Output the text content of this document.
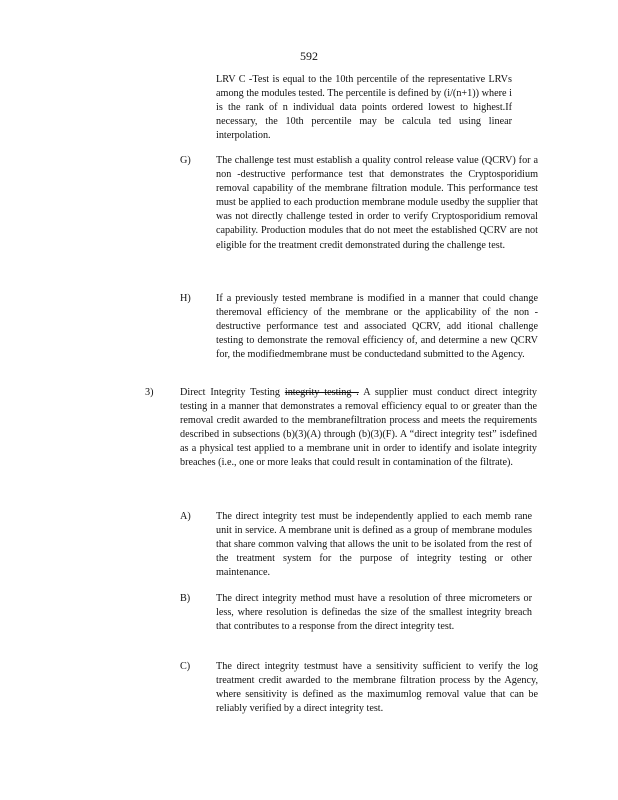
592

LRV C -Test is equal to the 10th percentile of the representative LRVs among the modules tested. The percentile is defined by (i/(n+1)) where i is the rank of n individual data points ordered lowest to highest.If necessary, the 10th percentile may be calcula ted using linear interpolation.

G) The challenge test must establish a quality control release value (QCRV) for a non -destructive performance test that demonstrates the Cryptosporidium removal capability of the membrane filtration module. This performance test must be applied to each production membrane module usedby the supplier that was not directly challenge tested in order to verify Cryptosporidium removal capability. Production modules that do not meet the established QCRV are not eligible for the treatment credit demonstrated during the challenge test.
H) If a previously tested membrane is modified in a manner that could change theremoval efficiency of the membrane or the applicability of the non -destructive performance test and associated QCRV, add itional challenge testing to demonstrate the removal efficiency of, and determine a new QCRV for, the modifiedmembrane must be conductedand submitted to the Agency.
3)	Direct Integrity Testing integrity testing . A supplier must conduct direct integrity testing in a manner that demonstrates a removal efficiency equal to or greater than the removal credit awarded to the membranefiltration process and meets the requirements described in subsections (b)(3)(A) through (b)(3)(F). A “direct integrity test” isdefined as a physical test applied to a membrane unit in order to identify and isolate integrity breaches (i.e., one or more leaks that could result in contamination of the filtrate).
A) The direct integrity test must be independently applied to each memb rane unit in service. A membrane unit is defined as a group of membrane modules that share common valving that allows the unit to be isolated from the rest of the treatment system for the purpose of integrity testing or other maintenance.
B)	The direct integrity method must have a resolution of three micrometers or less, where resolution is definedas the size of the smallest integrity breach that contributes to a response from the direct integrity test.
C)	The direct integrity testmust have a sensitivity sufficient to verify the log treatment credit awarded to the membrane filtration process by the Agency, where sensitivity is defined as the maximumlog removal value that can be reliably verified by a direct integrity test.
